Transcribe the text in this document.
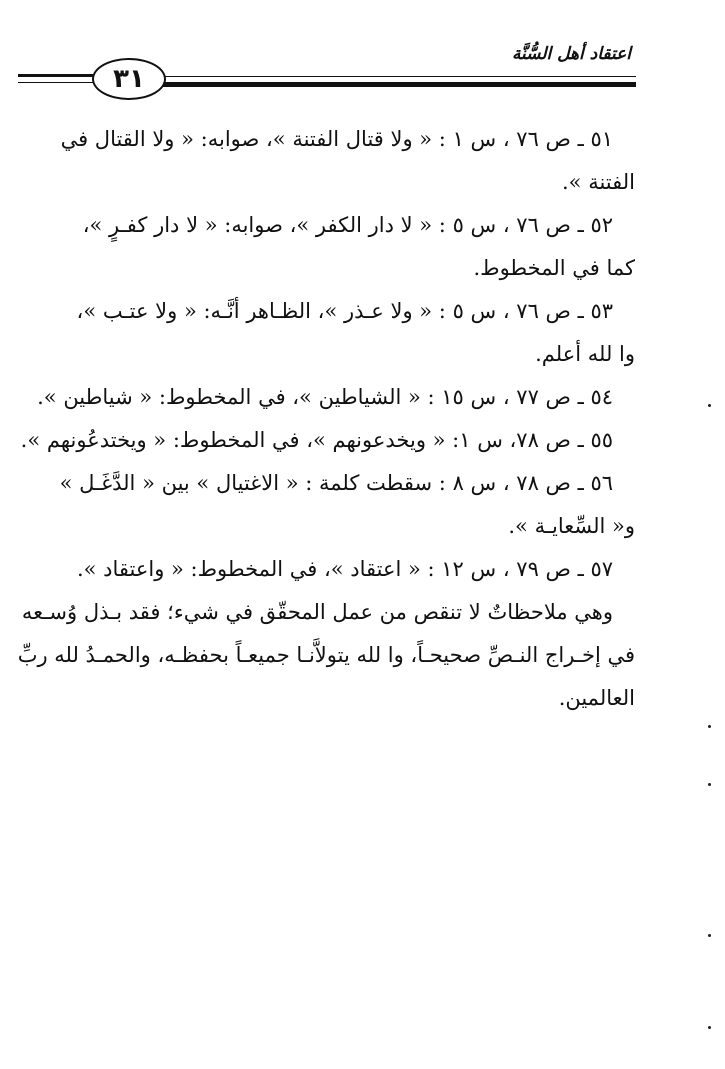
اعتقاد أهل السُّنَّة
٣١
٥١ ـ ص ٧٦ ، س ١ : « ولا قتال الفتنة »، صوابه: « ولا القتال في
الفتنة ».
٥٢ ـ ص ٧٦ ، س ٥ : « لا دار الكفر »، صوابه: « لا دار كفـرٍ »،
كما في المخطوط.
٥٣ ـ ص ٧٦ ، س ٥ : « ولا عـذر »، الظـاهر أنَّـه: « ولا عتـب »،
وا لله أعلم.
٥٤ ـ ص ٧٧ ، س ١٥ : « الشياطين »، في المخطوط: « شياطين ».
٥٥ ـ ص ٧٨، س ١: « ويخدعونهم »، في المخطوط: « ويختدعُونهم ».
٥٦ ـ ص ٧٨ ، س ٨ : سقطت كلمة : « الاغتيال » بين « الدَّغَـل »
و« السِّعايـة ».
٥٧ ـ ص ٧٩ ، س ١٢ : « اعتقاد »، في المخطوط: « واعتقاد ».
وهي ملاحظاتٌ لا تنقص من عمل المحقّق في شيء؛ فقد بـذل وُسـعه
في إخـراج النـصِّ صحيحـاً، وا لله يتولاَّنـا جميعـاً بحفظـه، والحمـدُ لله ربِّ
العالمين.
